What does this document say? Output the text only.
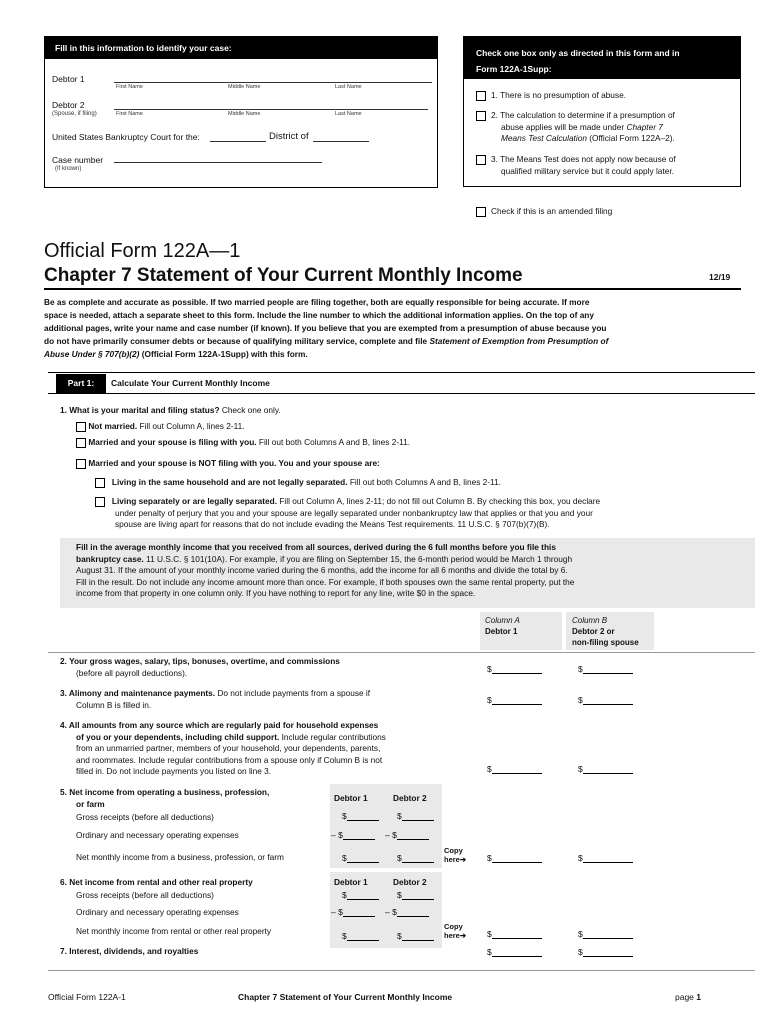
Fill in this information to identify your case:
Debtor 1
First Name	Middle Name	Last Name
Debtor 2
(Spouse, if filing)	First Name	Middle Name	Last Name
United States Bankruptcy Court for the:	District of
Case number
(If known)
Check one box only as directed in this form and in
Form 122A-1Supp:
1. There is no presumption of abuse.
2. The calculation to determine if a presumption of
abuse applies will be made under Chapter 7
Means Test Calculation (Official Form 122A–2).
3. The Means Test does not apply now because of
qualified military service but it could apply later.
Check if this is an amended filing
Official Form 122A—1
Chapter 7 Statement of Your Current Monthly Income	12/19
Be as complete and accurate as possible. If two married people are filing together, both are equally responsible for being accurate. If more
space is needed, attach a separate sheet to this form. Include the line number to which the additional information applies. On the top of any
additional pages, write your name and case number (if known). If you believe that you are exempted from a presumption of abuse because you
do not have primarily consumer debts or because of qualifying military service, complete and file Statement of Exemption from Presumption of
Abuse Under § 707(b)(2) (Official Form 122A-1Supp) with this form.
Part 1:	Calculate Your Current Monthly Income
1. What is your marital and filing status? Check one only.
Not married. Fill out Column A, lines 2-11.
Married and your spouse is filing with you. Fill out both Columns A and B, lines 2-11.
Married and your spouse is NOT filing with you. You and your spouse are:
Living in the same household and are not legally separated. Fill out both Columns A and B, lines 2-11.
Living separately or are legally separated. Fill out Column A, lines 2-11; do not fill out Column B. By checking this box, you declare
under penalty of perjury that you and your spouse are legally separated under nonbankruptcy law that applies or that you and your
spouse are living apart for reasons that do not include evading the Means Test requirements. 11 U.S.C. § 707(b)(7)(B).
Fill in the average monthly income that you received from all sources, derived during the 6 full months before you file this
bankruptcy case. 11 U.S.C. § 101(10A). For example, if you are filing on September 15, the 6-month period would be March 1 through
August 31. If the amount of your monthly income varied during the 6 months, add the income for all 6 months and divide the total by 6.
Fill in the result. Do not include any income amount more than once. For example, if both spouses own the same rental property, put the
income from that property in one column only. If you have nothing to report for any line, write $0 in the space.
Column A
Debtor 1
Column B
Debtor 2 or
non-filing spouse
2. Your gross wages, salary, tips, bonuses, overtime, and commissions
(before all payroll deductions).	$	$
3. Alimony and maintenance payments. Do not include payments from a spouse if
Column B is filled in.	$	$
4. All amounts from any source which are regularly paid for household expenses
of you or your dependents, including child support. Include regular contributions
from an unmarried partner, members of your household, your dependents, parents,
and roommates. Include regular contributions from a spouse only if Column B is not
filled in. Do not include payments you listed on line 3.	$	$
5. Net income from operating a business, profession,
or farm
Debtor 1	Debtor 2
Gross receipts (before all deductions)	$	$
Ordinary and necessary operating expenses	– $	– $
Net monthly income from a business, profession, or farm	$	$
Copy
here➔ $	$
6. Net income from rental and other real property	Debtor 1	Debtor 2
Gross receipts (before all deductions)	$	$
Ordinary and necessary operating expenses	– $	– $
Net monthly income from rental or other real property	$	$
Copy
here➔ $	$
7. Interest, dividends, and royalties	$	$
Official Form 122A-1	Chapter 7 Statement of Your Current Monthly Income	page 1
